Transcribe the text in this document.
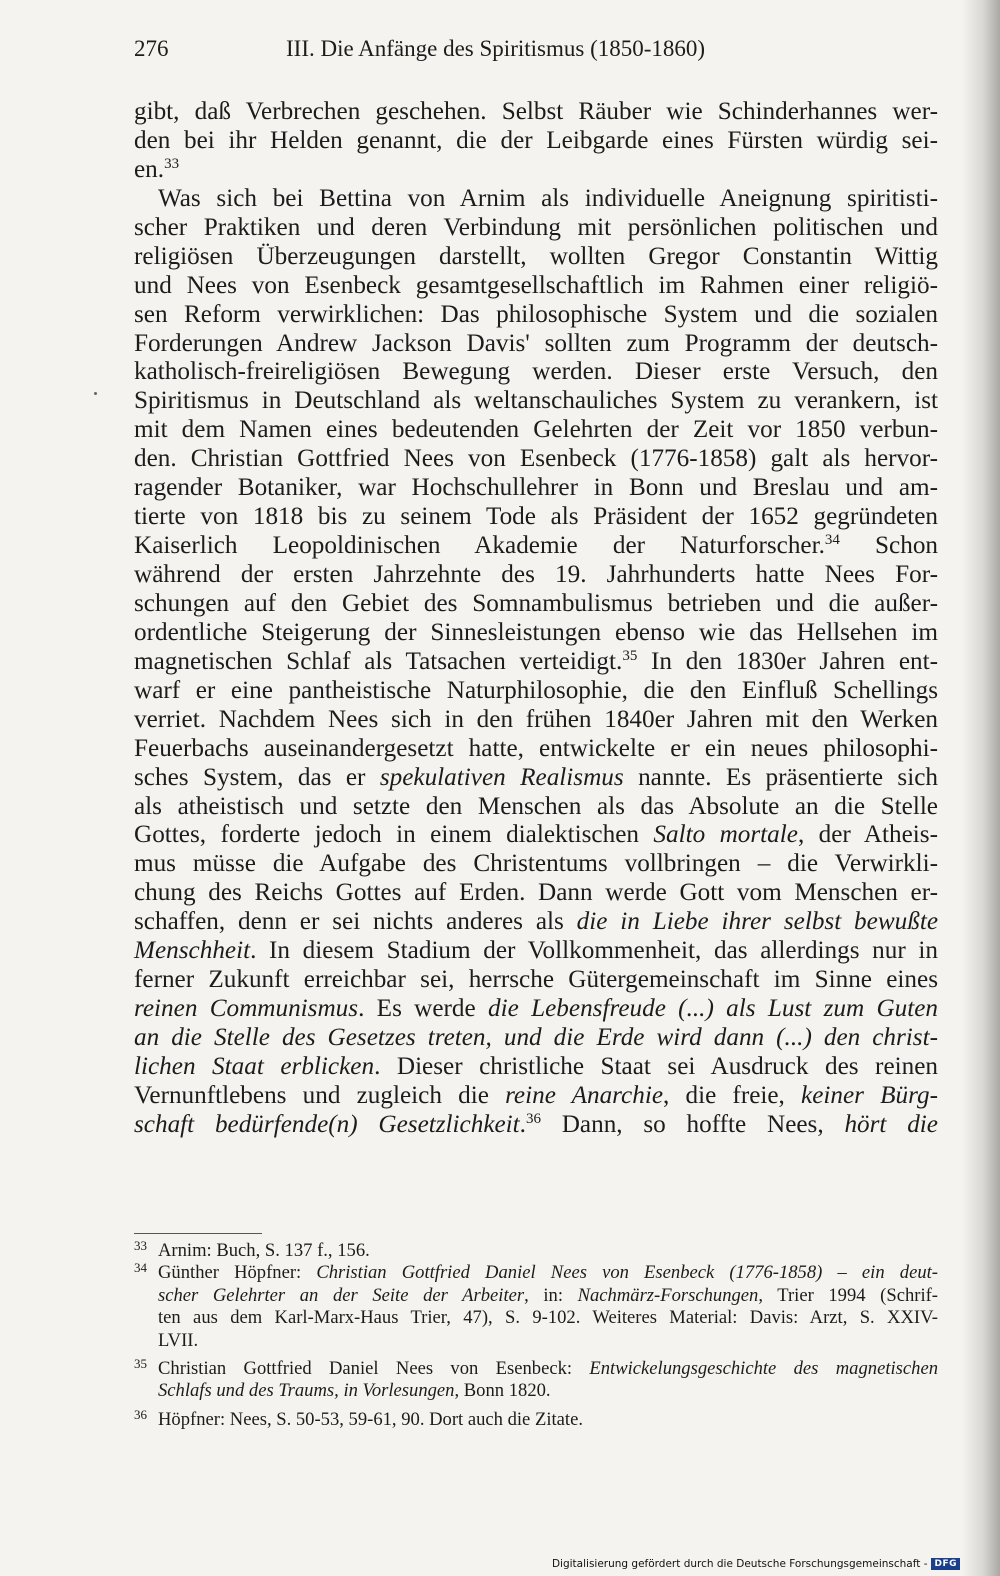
276	III. Die Anfänge des Spiritismus (1850-1860)
gibt, daß Verbrechen geschehen. Selbst Räuber wie Schinderhannes wer-
den bei ihr Helden genannt, die der Leibgarde eines Fürsten würdig sei-
en.$^{33}$
Was sich bei Bettina von Arnim als individuelle Aneignung spiritisti-
scher Praktiken und deren Verbindung mit persönlichen politischen und
religiösen Überzeugungen darstellt, wollten Gregor Constantin Wittig
und Nees von Esenbeck gesamtgesellschaftlich im Rahmen einer religiö-
sen Reform verwirklichen: Das philosophische System und die sozialen
Forderungen Andrew Jackson Davis' sollten zum Programm der deutsch-
katholisch-freireligiösen Bewegung werden. Dieser erste Versuch, den
Spiritismus in Deutschland als weltanschauliches System zu verankern, ist
mit dem Namen eines bedeutenden Gelehrten der Zeit vor 1850 verbun-
den. Christian Gottfried Nees von Esenbeck (1776-1858) galt als hervor-
ragender Botaniker, war Hochschullehrer in Bonn und Breslau und am-
tierte von 1818 bis zu seinem Tode als Präsident der 1652 gegründeten
Kaiserlich Leopoldinischen Akademie der Naturforscher.$^{34}$ Schon
während der ersten Jahrzehnte des 19. Jahrhunderts hatte Nees For-
schungen auf den Gebiet des Somnambulismus betrieben und die außer-
ordentliche Steigerung der Sinnesleistungen ebenso wie das Hellsehen im
magnetischen Schlaf als Tatsachen verteidigt.$^{35}$ In den 1830er Jahren ent-
warf er eine pantheistische Naturphilosophie, die den Einfluß Schellings
verriet. Nachdem Nees sich in den frühen 1840er Jahren mit den Werken
Feuerbachs auseinandergesetzt hatte, entwickelte er ein neues philosophi-
sches System, das er spekulativen Realismus nannte. Es präsentierte sich
als atheistisch und setzte den Menschen als das Absolute an die Stelle
Gottes, forderte jedoch in einem dialektischen Salto mortale, der Atheis-
mus müsse die Aufgabe des Christentums vollbringen – die Verwirkli-
chung des Reichs Gottes auf Erden. Dann werde Gott vom Menschen er-
schaffen, denn er sei nichts anderes als die in Liebe ihrer selbst bewußte
Menschheit. In diesem Stadium der Vollkommenheit, das allerdings nur in
ferner Zukunft erreichbar sei, herrsche Gütergemeinschaft im Sinne eines
reinen Communismus. Es werde die Lebensfreude (...) als Lust zum Guten
an die Stelle des Gesetzes treten, und die Erde wird dann (...) den christ-
lichen Staat erblicken. Dieser christliche Staat sei Ausdruck des reinen
Vernunftlebens und zugleich die reine Anarchie, die freie, keiner Bürg-
schaft bedürfende(n) Gesetzlichkeit.$^{36}$ Dann, so hoffte Nees, hört die
33 Arnim: Buch, S. 137 f., 156.
34 Günther Höpfner: Christian Gottfried Daniel Nees von Esenbeck (1776-1858) – ein deut-
scher Gelehrter an der Seite der Arbeiter, in: Nachmärz-Forschungen, Trier 1994 (Schrif-
ten aus dem Karl-Marx-Haus Trier, 47), S. 9-102. Weiteres Material: Davis: Arzt, S. XXIV-
LVII.
35 Christian Gottfried Daniel Nees von Esenbeck: Entwickelungsgeschichte des magnetischen
Schlafs und des Traums, in Vorlesungen, Bonn 1820.
36 Höpfner: Nees, S. 50-53, 59-61, 90. Dort auch die Zitate.
Digitalisierung gefördert durch die Deutsche Forschungsgemeinschaft - DFG
